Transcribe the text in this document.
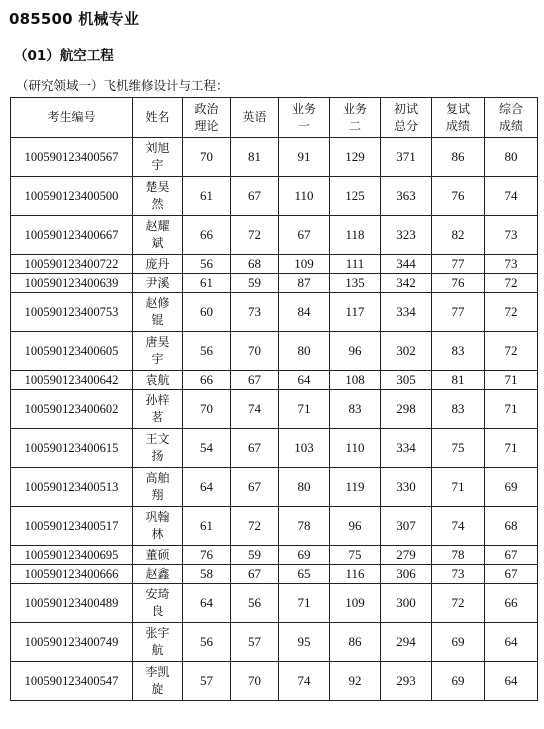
085500 机械专业
（01）航空工程
（研究领域一）飞机维修设计与工程：
考生编号	姓名	政治理论	英语	业务一	业务二	初试总分	复试成绩	综合成绩

100590123400567	刘旭宇	70	81	91	129	371	86	80
100590123400500	楚昊然	61	67	110	125	363	76	74
100590123400667	赵耀斌	66	72	67	118	323	82	73
100590123400722	庞丹	56	68	109	111	344	77	73
100590123400639	尹溪	61	59	87	135	342	76	72
100590123400753	赵修锟	60	73	84	117	334	77	72
100590123400605	唐昊宇	56	70	80	96	302	83	72
100590123400642	袁航	66	67	64	108	305	81	71
100590123400602	孙梓茗	70	74	71	83	298	83	71
100590123400615	王文扬	54	67	103	110	334	75	71
100590123400513	高舶翔	64	67	80	119	330	71	69
100590123400517	巩翰林	61	72	78	96	307	74	68
100590123400695	董硕	76	59	69	75	279	78	67
100590123400666	赵鑫	58	67	65	116	306	73	67
100590123400489	安琦良	64	56	71	109	300	72	66
100590123400749	张宇航	56	57	95	86	294	69	64
100590123400547	李凯旋	57	70	74	92	293	69	64
